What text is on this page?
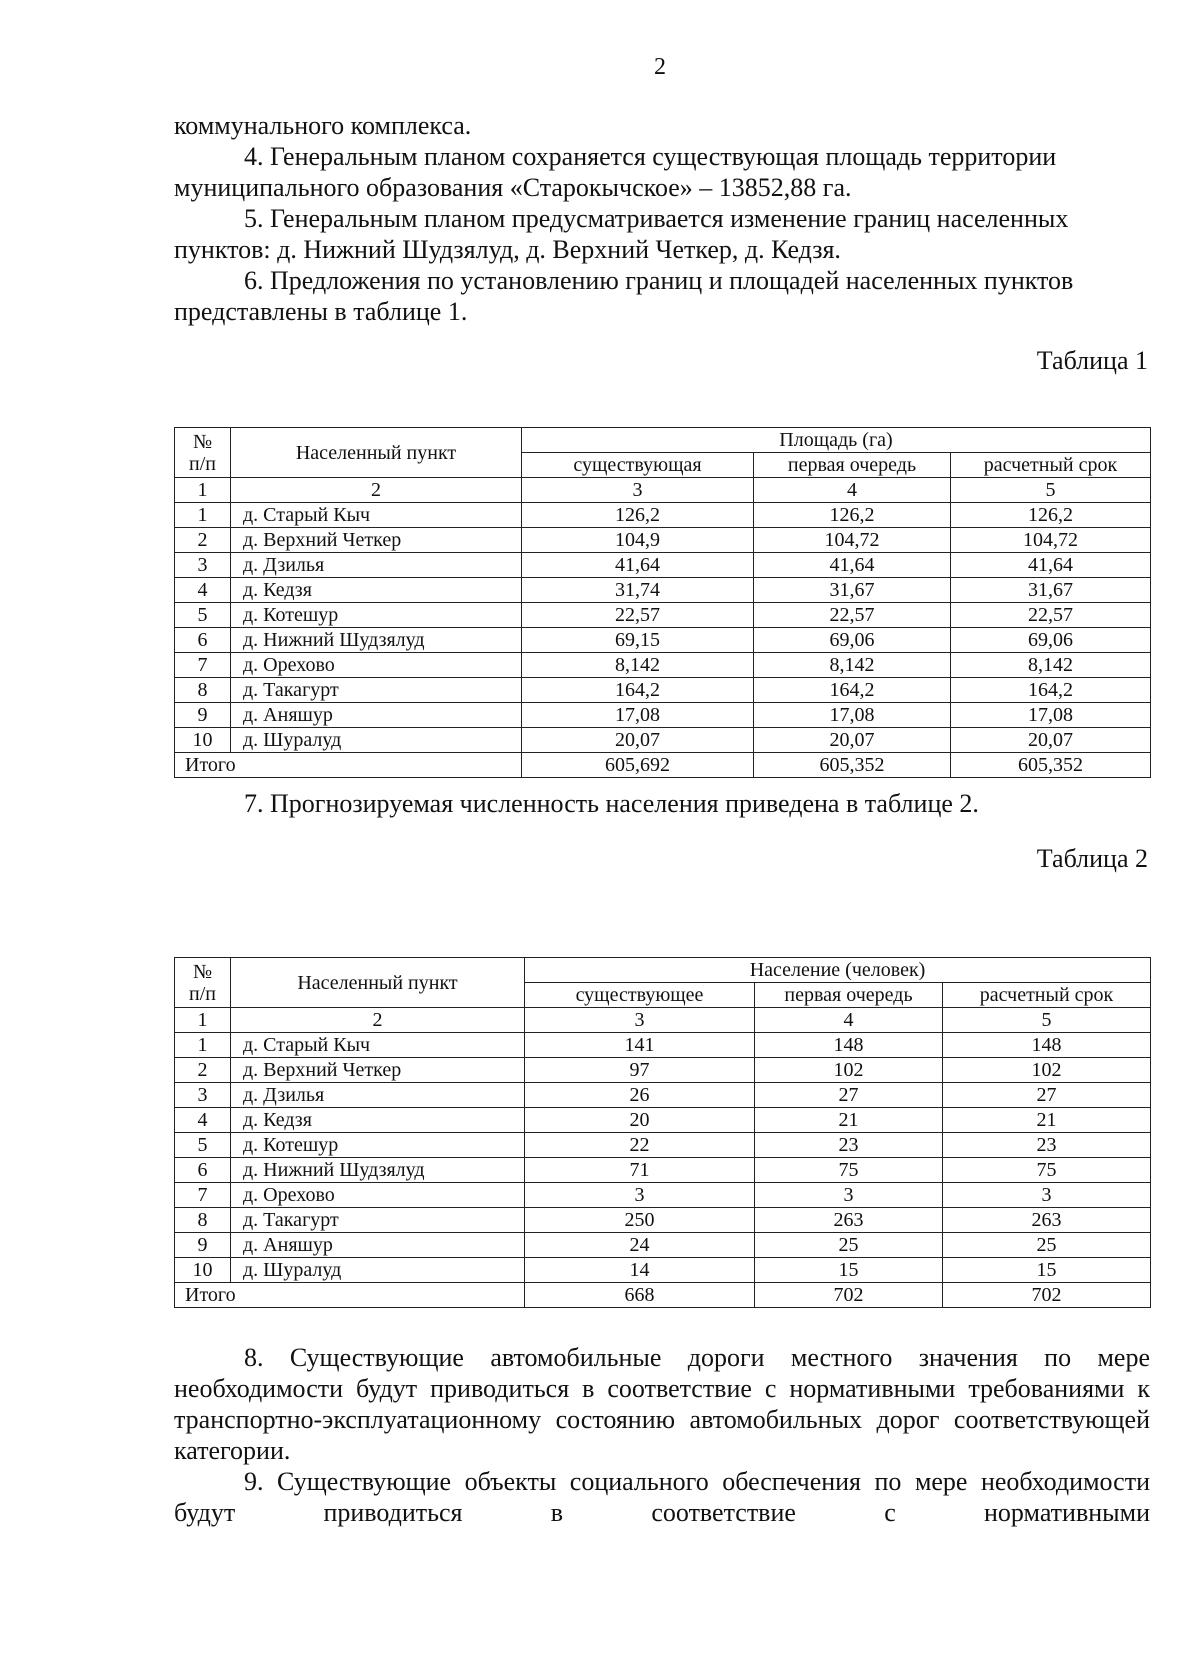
2

коммунального комплекса.

4. Генеральным планом сохраняется существующая площадь территории муниципального образования «Старокычское» – 13852,88 га.

5. Генеральным планом предусматривается изменение границ населенных пунктов: д. Нижний Шудзялуд, д. Верхний Четкер, д. Кедзя.

6. Предложения по установлению границ и площадей населенных пунктов представлены в таблице 1.

Таблица 1
№
п/п	Населенный пункт	Площадь (га)		
		существующая	первая очередь	расчетный срок
1	2	3	4	5
1	д. Старый Кыч	126,2	126,2	126,2
2	д. Верхний Четкер	104,9	104,72	104,72
3	д. Дзилья	41,64	41,64	41,64
4	д. Кедзя	31,74	31,67	31,67
5	д. Котешур	22,57	22,57	22,57
6	д. Нижний Шудзялуд	69,15	69,06	69,06
7	д. Орехово	8,142	8,142	8,142
8	д. Такагурт	164,2	164,2	164,2
9	д. Аняшур	17,08	17,08	17,08
10	д. Шуралуд	20,07	20,07	20,07
Итого		605,692	605,352	605,352
7. Прогнозируемая численность населения приведена в таблице 2.
Таблица 2
№
п/п	Населенный пункт	Население (человек)		
		существующее	первая очередь	расчетный срок
1	2	3	4	5
1	д. Старый Кыч	141	148	148
2	д. Верхний Четкер	97	102	102
3	д. Дзилья	26	27	27
4	д. Кедзя	20	21	21
5	д. Котешур	22	23	23
6	д. Нижний Шудзялуд	71	75	75
7	д. Орехово	3	3	3
8	д. Такагурт	250	263	263
9	д. Аняшур	24	25	25
10	д. Шуралуд	14	15	15
Итого		668	702	702

8. Существующие автомобильные дороги местного значения по мере необходимости будут приводиться в соответствие с нормативными требованиями к транспортно-эксплуатационному состоянию автомобильных дорог соответствующей категории.

9. Существующие объекты социального обеспечения по мере необходимости будут приводиться в соответствие с нормативными
